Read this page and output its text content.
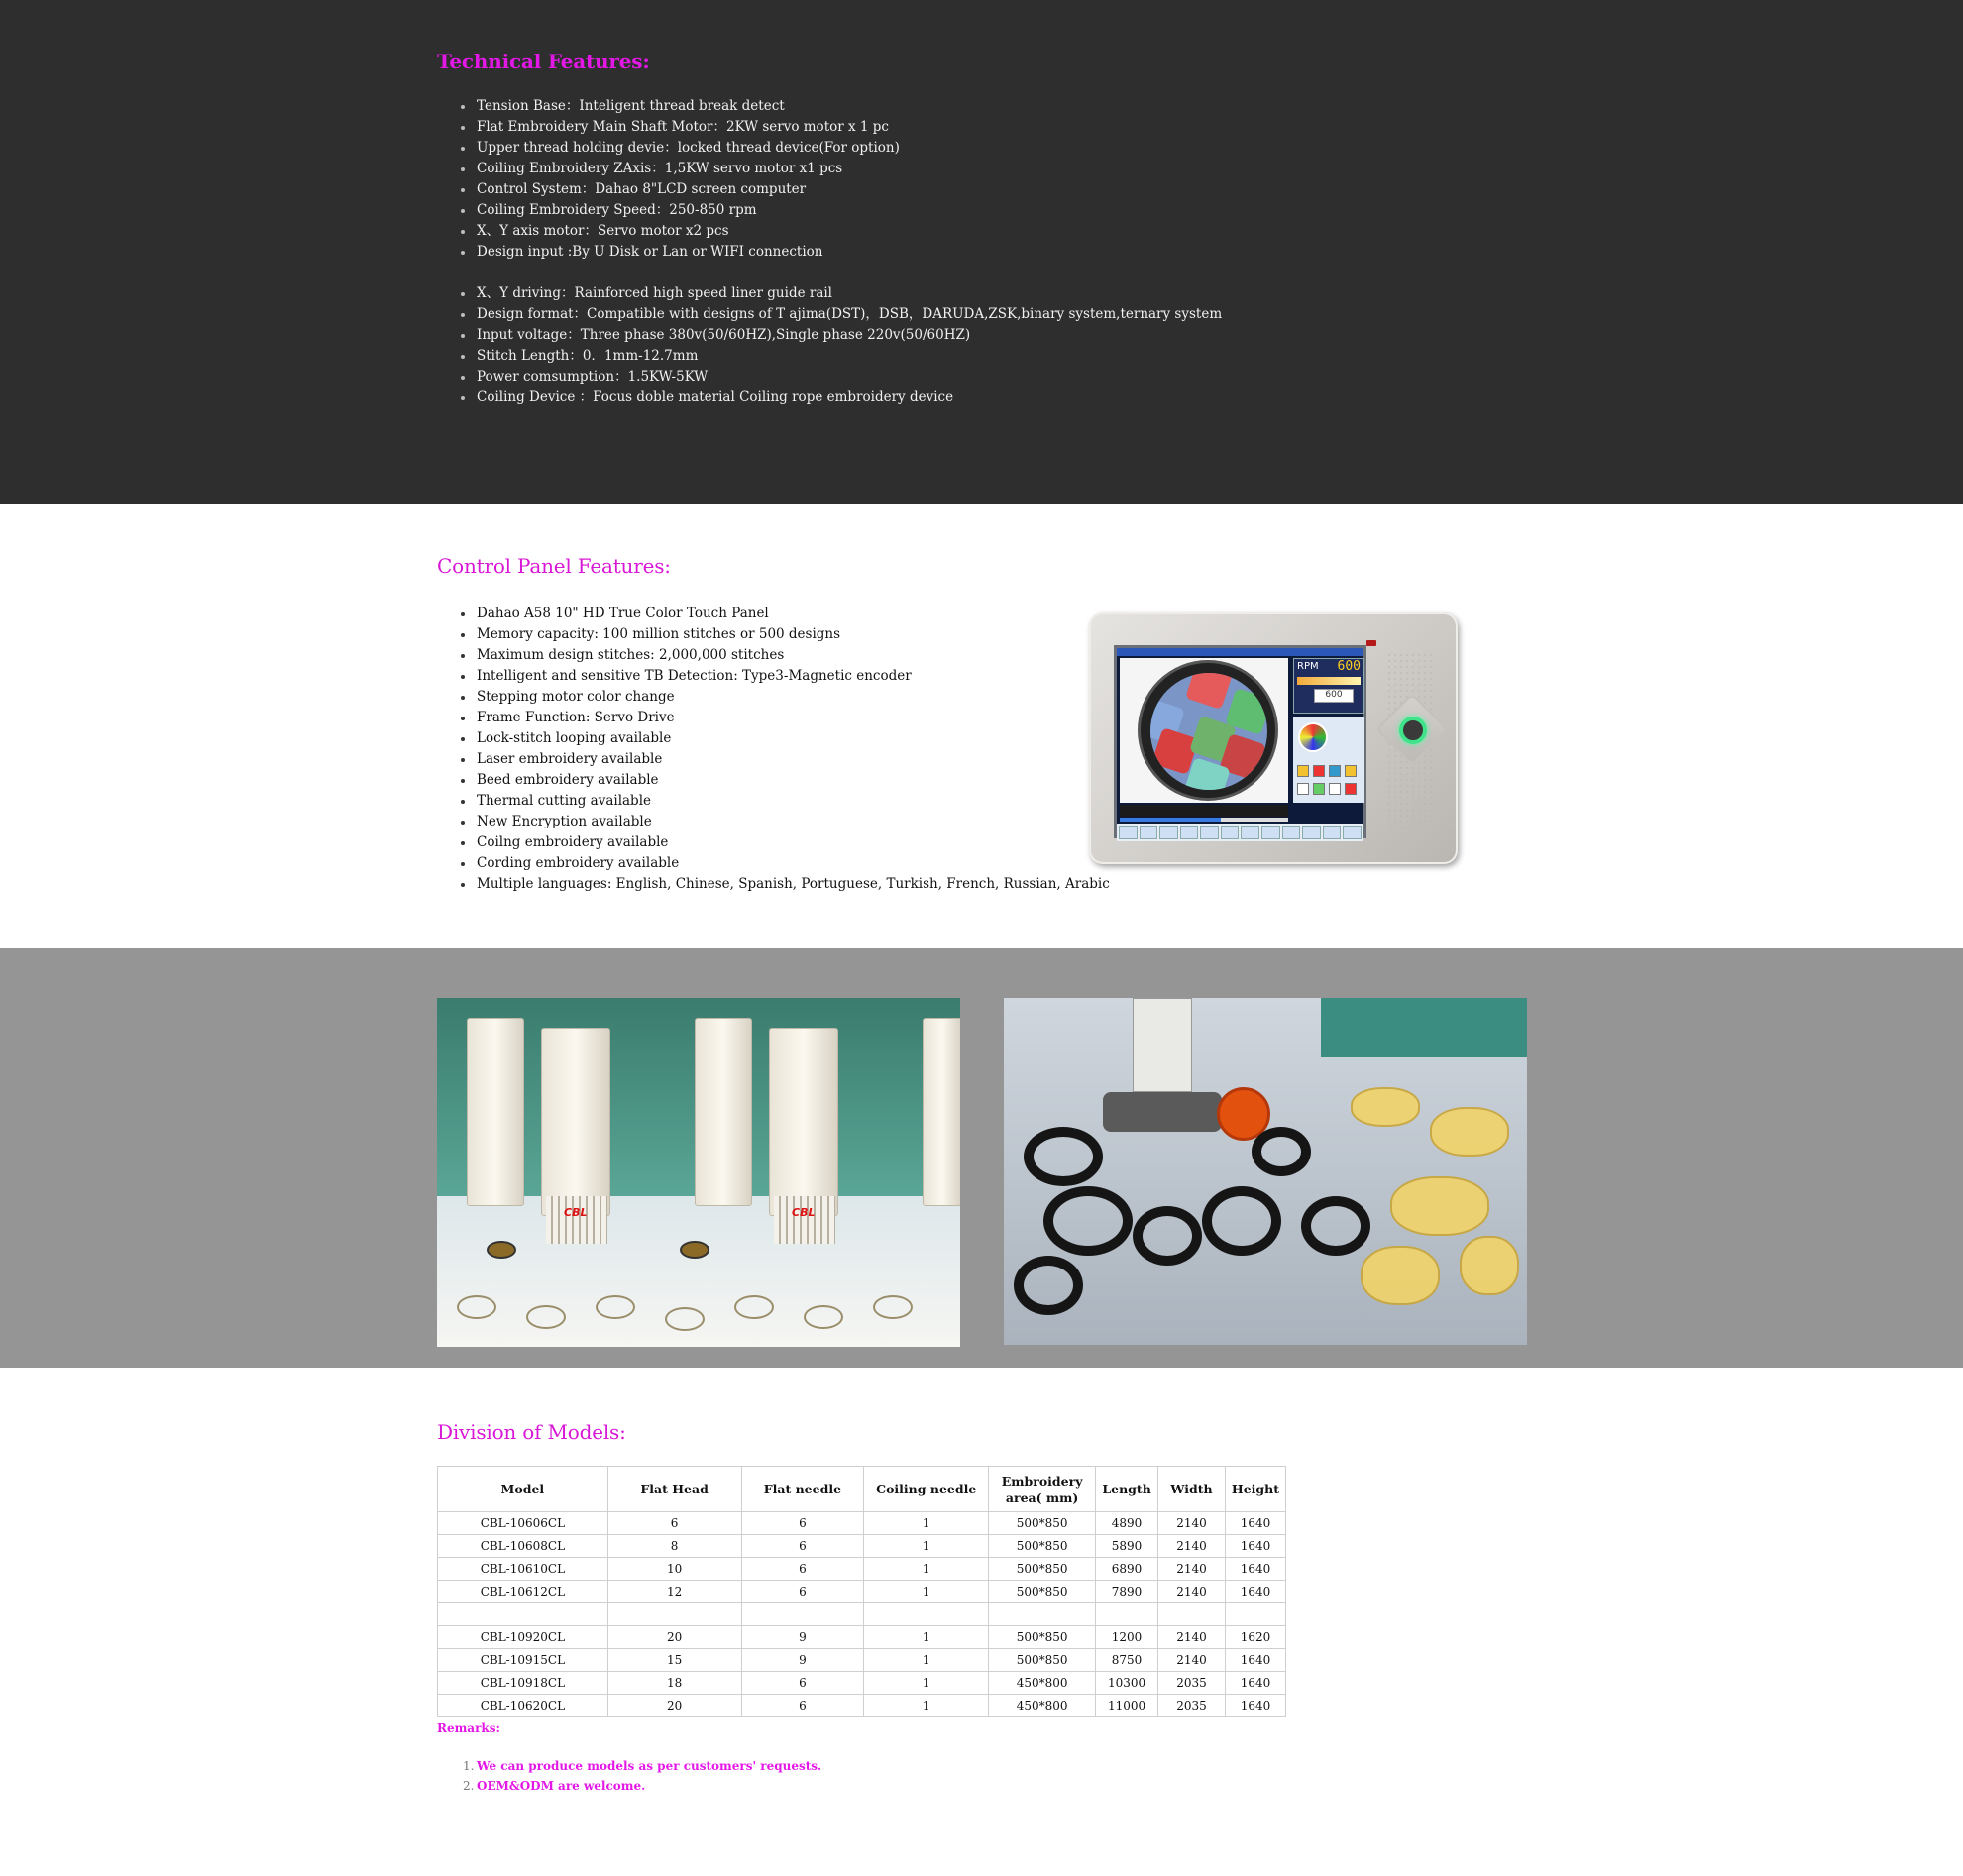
Technical Features:
Tension Base：Inteligent thread break detect
Flat Embroidery Main Shaft Motor：2KW servo motor x 1 pc
Upper thread holding devie：locked thread device(For option)
Coiling Embroidery ZAxis：1,5KW servo motor x1 pcs
Control System：Dahao 8"LCD screen computer
Coiling Embroidery Speed：250-850 rpm
X、Y axis motor：Servo motor x2 pcs
Design input :By U Disk or Lan or WIFI connection
X、Y driving：Rainforced high speed liner guide rail
Design format：Compatible with designs of T ajima(DST)，DSB，DARUDA,ZSK,binary system,ternary system
Input voltage：Three phase 380v(50/60HZ),Single phase 220v(50/60HZ)
Stitch Length：0．1mm-12.7mm
Power comsumption：1.5KW-5KW
Coiling Device ：Focus doble material Coiling rope embroidery device
Control Panel Features:
Dahao A58 10" HD True Color Touch Panel
Memory capacity: 100 million stitches or 500 designs
Maximum design stitches: 2,000,000 stitches
Intelligent and sensitive TB Detection: Type3-Magnetic encoder
Stepping motor color change
Frame Function: Servo Drive
Lock-stitch looping available
Laser embroidery available
Beed embroidery available
Thermal cutting available
New Encryption available
Coilng embroidery available
Cording embroidery available
Multiple languages: English, Chinese, Spanish, Portuguese, Turkish, French, Russian, Arabic
RPM 600
600
CBL	CBL
Division of Models:
Model	Flat Head	Flat needle	Coiling needle	Embroidery area( mm)	Length	Width	Height
CBL-10606CL	6	6	1	500*850	4890	2140	1640
CBL-10608CL	8	6	1	500*850	5890	2140	1640
CBL-10610CL	10	6	1	500*850	6890	2140	1640
CBL-10612CL	12	6	1	500*850	7890	2140	1640

CBL-10920CL	20	9	1	500*850	1200	2140	1620
CBL-10915CL	15	9	1	500*850	8750	2140	1640
CBL-10918CL	18	6	1	450*800	10300	2035	1640
CBL-10620CL	20	6	1	450*800	11000	2035	1640
Remarks:
1. We can produce models as per customers' requests.
2. OEM&ODM are welcome.
